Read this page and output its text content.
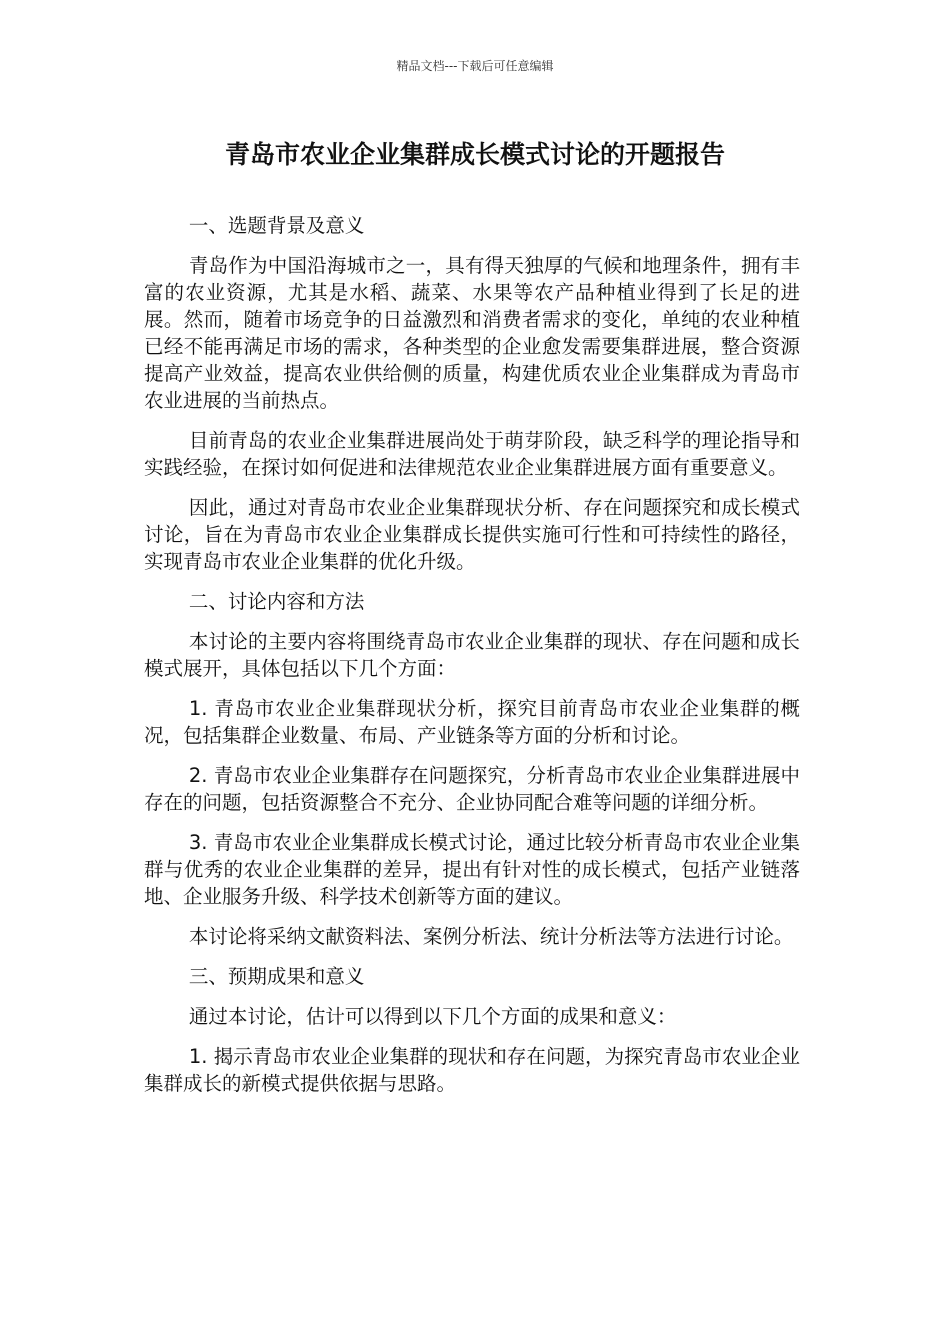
精品文档---下载后可任意编辑
青岛市农业企业集群成长模式讨论的开题报告

一、选题背景及意义

青岛作为中国沿海城市之一，具有得天独厚的气候和地理条件，拥有丰富的农业资源，尤其是水稻、蔬菜、水果等农产品种植业得到了长足的进展。然而，随着市场竞争的日益激烈和消费者需求的变化，单纯的农业种植已经不能再满足市场的需求，各种类型的企业愈发需要集群进展，整合资源提高产业效益，提高农业供给侧的质量，构建优质农业企业集群成为青岛市农业进展的当前热点。

目前青岛的农业企业集群进展尚处于萌芽阶段，缺乏科学的理论指导和实践经验，在探讨如何促进和法律规范农业企业集群进展方面有重要意义。

因此，通过对青岛市农业企业集群现状分析、存在问题探究和成长模式讨论，旨在为青岛市农业企业集群成长提供实施可行性和可持续性的路径，实现青岛市农业企业集群的优化升级。

二、讨论内容和方法

本讨论的主要内容将围绕青岛市农业企业集群的现状、存在问题和成长模式展开，具体包括以下几个方面：

1. 青岛市农业企业集群现状分析，探究目前青岛市农业企业集群的概况，包括集群企业数量、布局、产业链条等方面的分析和讨论。

2. 青岛市农业企业集群存在问题探究，分析青岛市农业企业集群进展中存在的问题，包括资源整合不充分、企业协同配合难等问题的详细分析。

3. 青岛市农业企业集群成长模式讨论，通过比较分析青岛市农业企业集群与优秀的农业企业集群的差异，提出有针对性的成长模式，包括产业链落地、企业服务升级、科学技术创新等方面的建议。

本讨论将采纳文献资料法、案例分析法、统计分析法等方法进行讨论。

三、预期成果和意义

通过本讨论，估计可以得到以下几个方面的成果和意义：

1. 揭示青岛市农业企业集群的现状和存在问题，为探究青岛市农业企业集群成长的新模式提供依据与思路。
